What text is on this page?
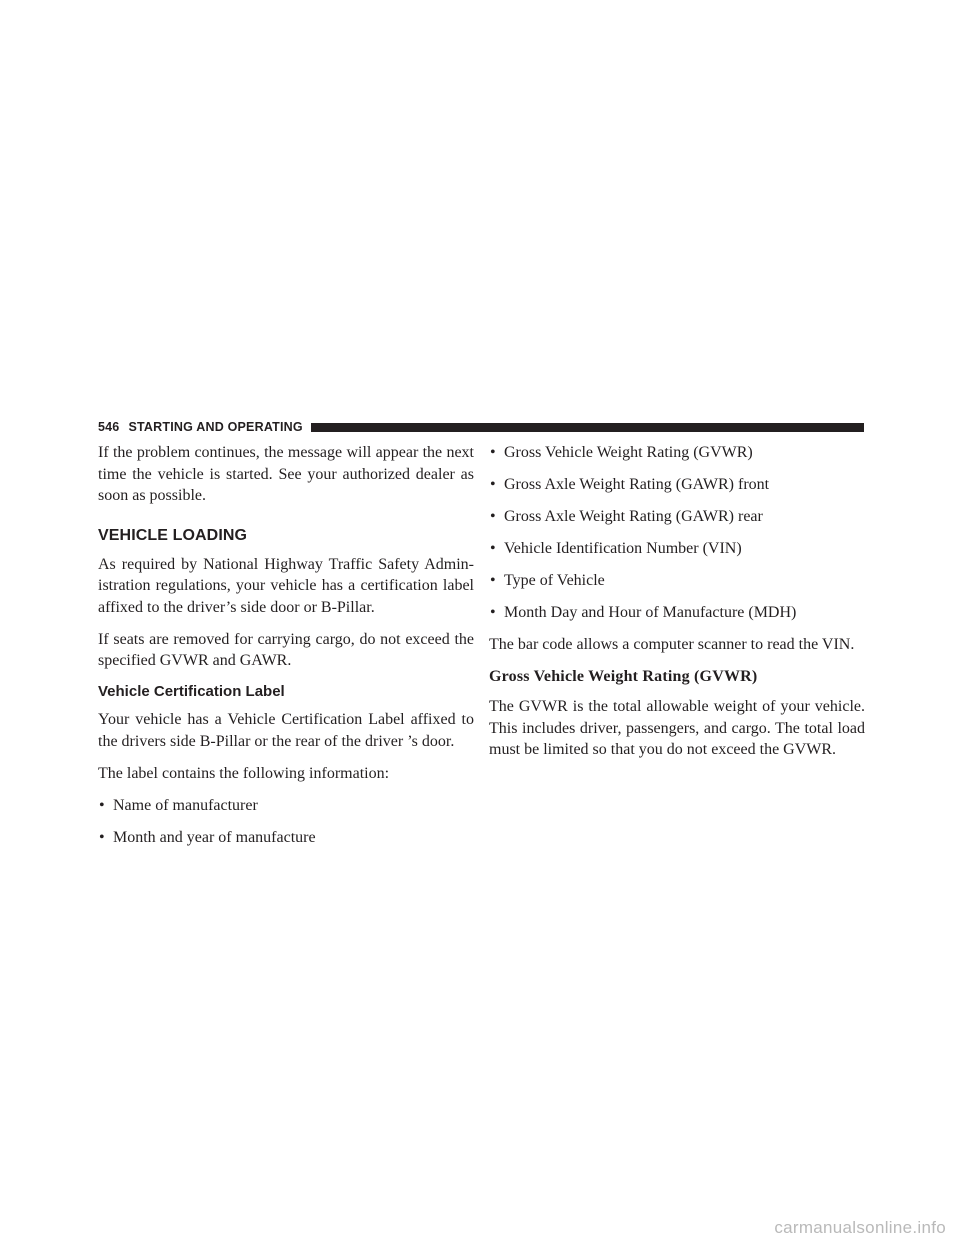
546 STARTING AND OPERATING

If the problem continues, the message will appear the next time the vehicle is started. See your authorized dealer as soon as possible.

VEHICLE LOADING

As required by National Highway Traffic Safety Admin-istration regulations, your vehicle has a certification label affixed to the driver’s side door or B-Pillar.

If seats are removed for carrying cargo, do not exceed the specified GVWR and GAWR.

Vehicle Certification Label

Your vehicle has a Vehicle Certification Label affixed to the drivers side B-Pillar or the rear of the driver ’s door.

The label contains the following information:

• Name of manufacturer
• Month and year of manufacture
• Gross Vehicle Weight Rating (GVWR)
• Gross Axle Weight Rating (GAWR) front
• Gross Axle Weight Rating (GAWR) rear
• Vehicle Identification Number (VIN)
• Type of Vehicle
• Month Day and Hour of Manufacture (MDH)

The bar code allows a computer scanner to read the VIN.

Gross Vehicle Weight Rating (GVWR)

The GVWR is the total allowable weight of your vehicle. This includes driver, passengers, and cargo. The total load must be limited so that you do not exceed the GVWR.

carmanualsonline.info
